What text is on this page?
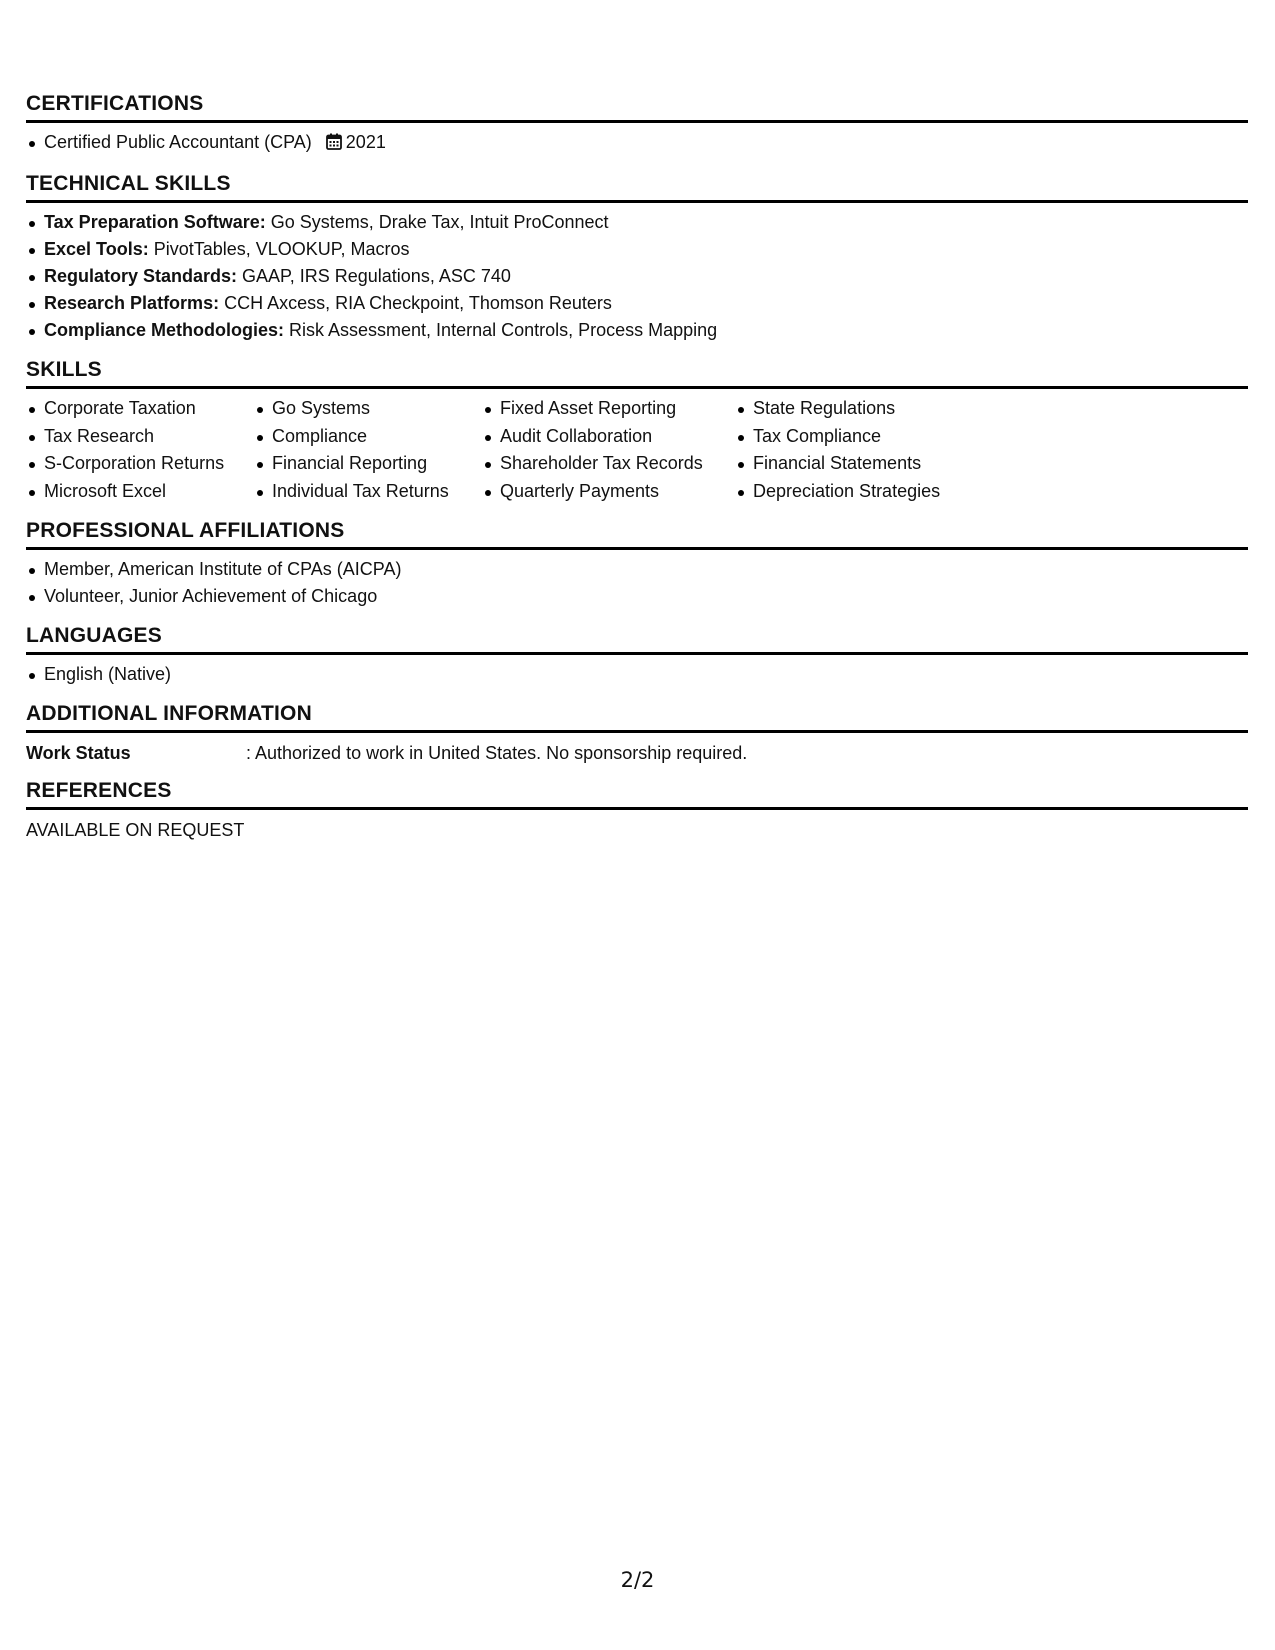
CERTIFICATIONS
Certified Public Accountant (CPA) 2021
TECHNICAL SKILLS
Tax Preparation Software: Go Systems, Drake Tax, Intuit ProConnect
Excel Tools: PivotTables, VLOOKUP, Macros
Regulatory Standards: GAAP, IRS Regulations, ASC 740
Research Platforms: CCH Axcess, RIA Checkpoint, Thomson Reuters
Compliance Methodologies: Risk Assessment, Internal Controls, Process Mapping
SKILLS
Corporate Taxation
Tax Research
S-Corporation Returns
Microsoft Excel
Go Systems
Compliance
Financial Reporting
Individual Tax Returns
Fixed Asset Reporting
Audit Collaboration
Shareholder Tax Records
Quarterly Payments
State Regulations
Tax Compliance
Financial Statements
Depreciation Strategies
PROFESSIONAL AFFILIATIONS
Member, American Institute of CPAs (AICPA)
Volunteer, Junior Achievement of Chicago
LANGUAGES
English (Native)
ADDITIONAL INFORMATION
Work Status	: Authorized to work in United States. No sponsorship required.
REFERENCES
AVAILABLE ON REQUEST
2/2
